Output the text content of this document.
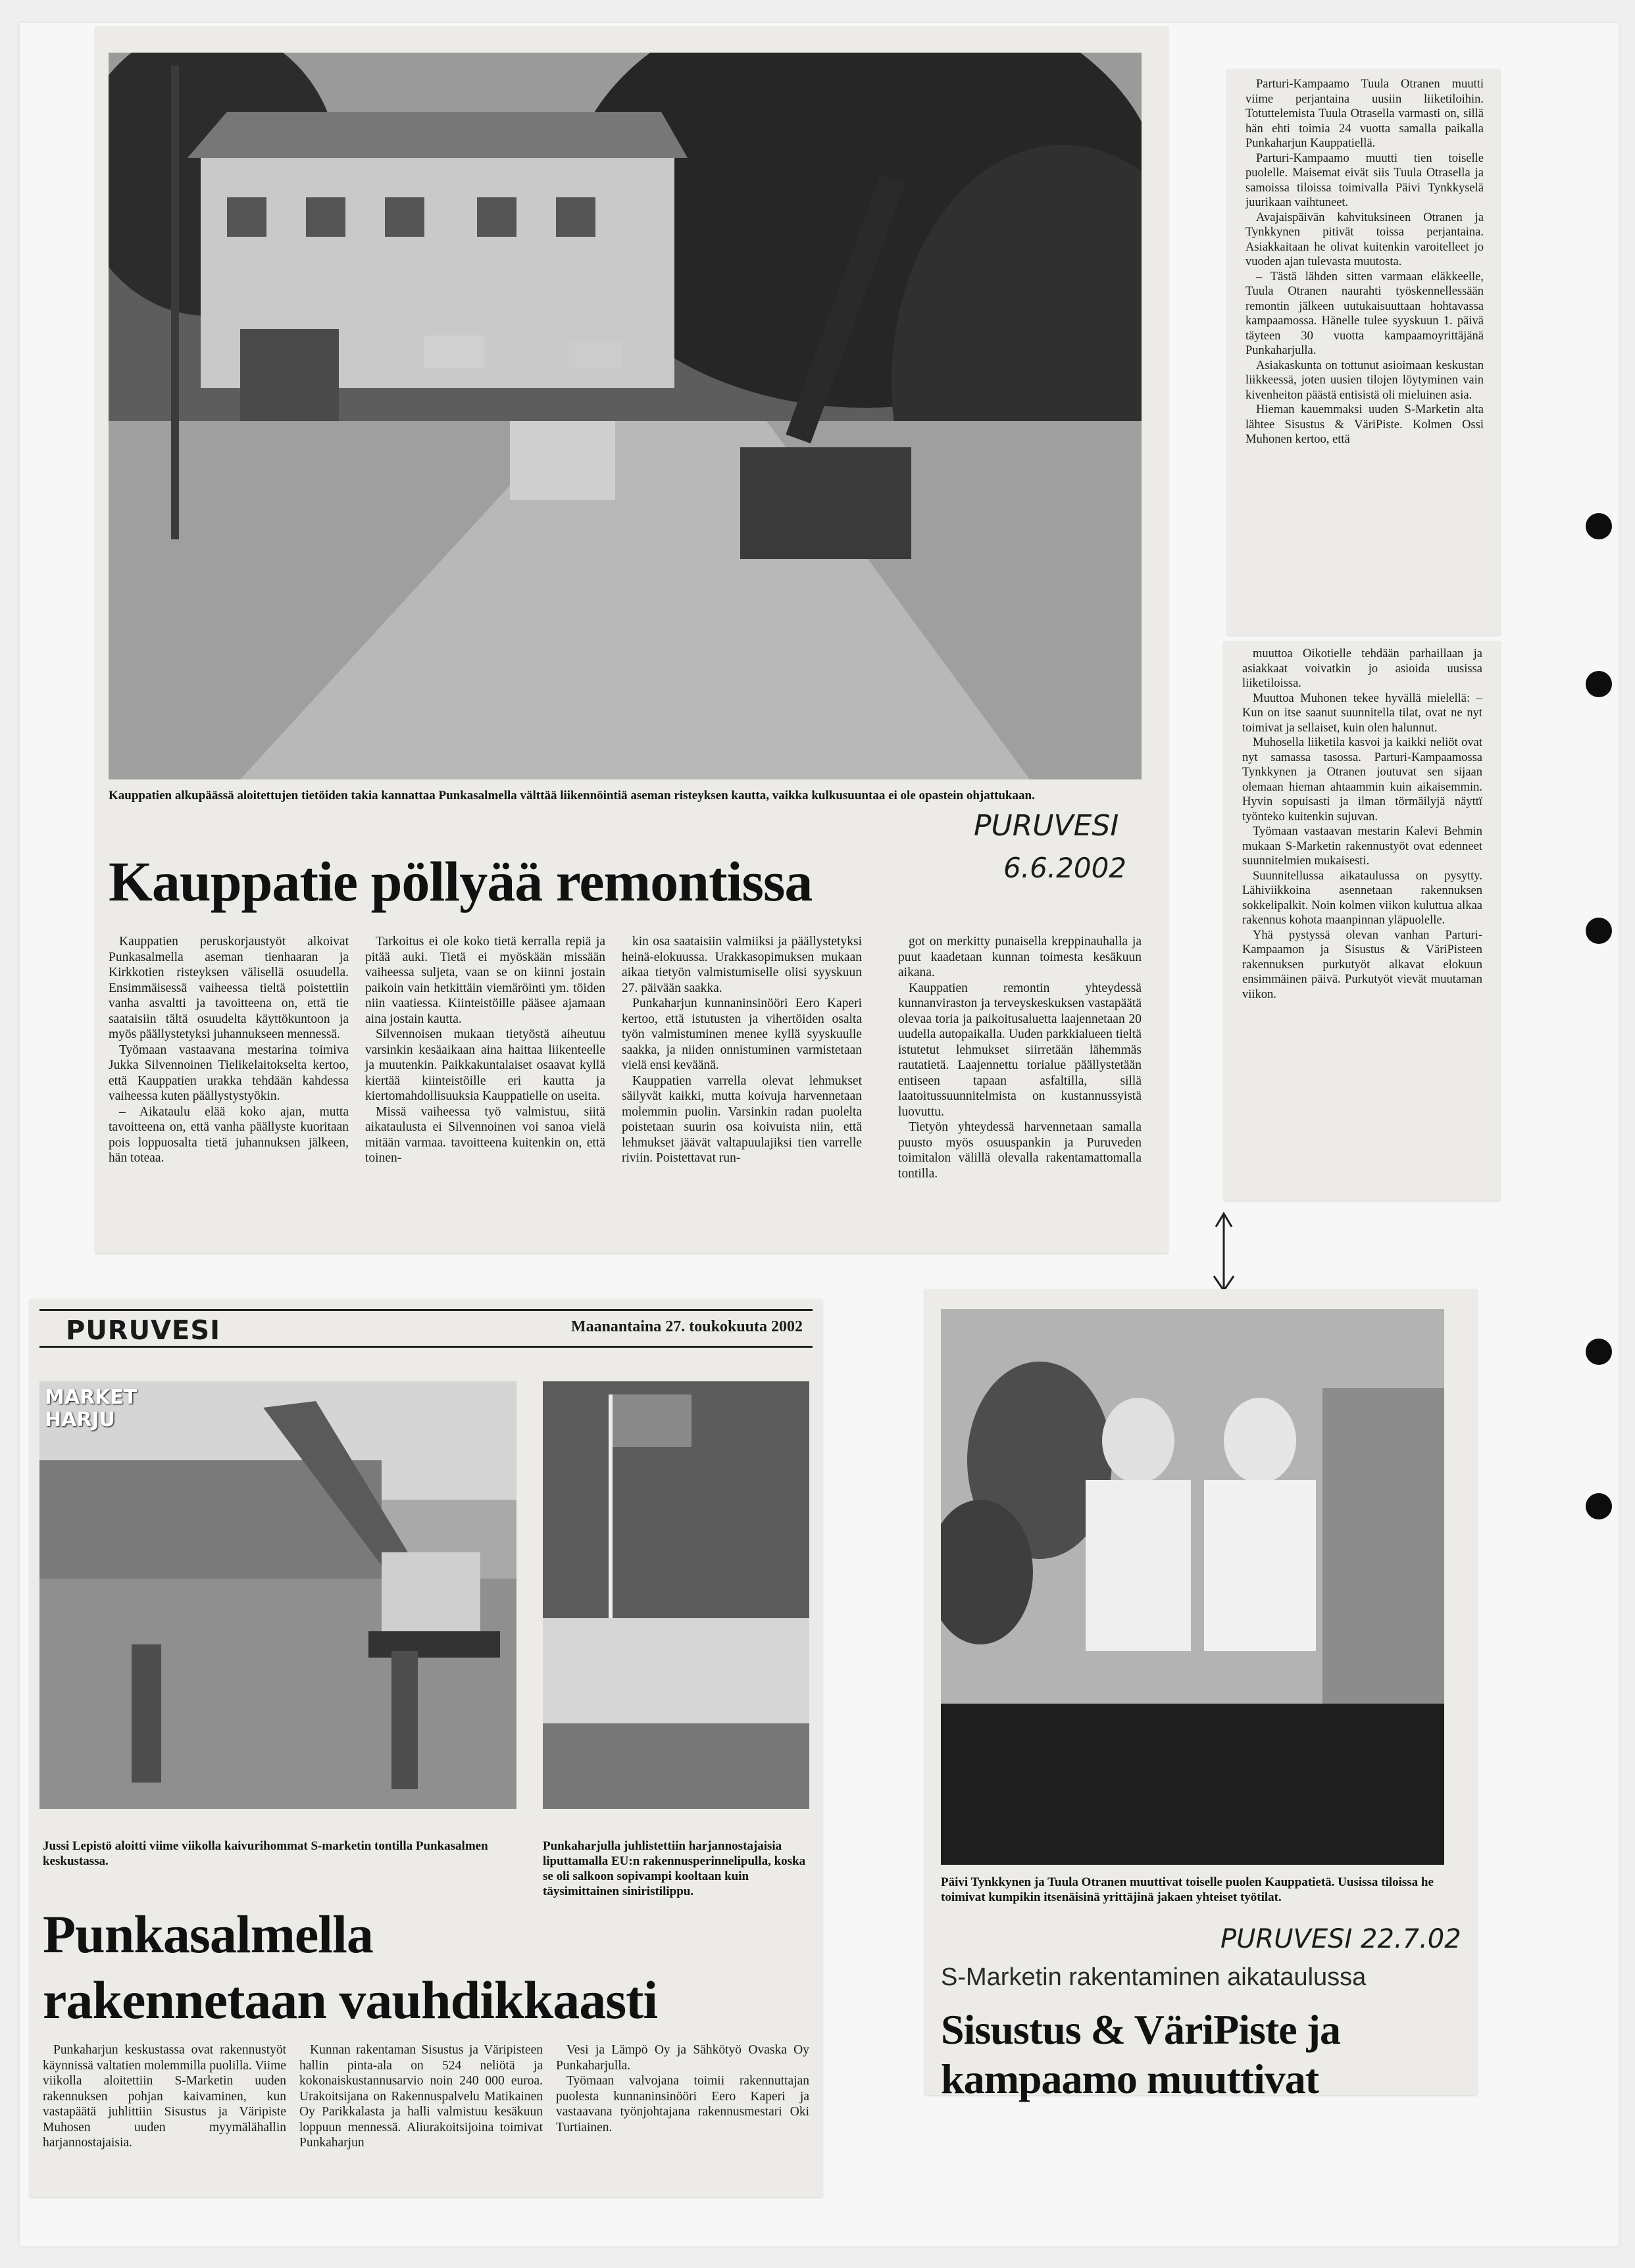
Kauppatien alkupäässä aloitettujen tietöiden takia kannattaa Punkasalmella välttää liikennöintiä aseman risteyksen kautta, vaikka kulkusuuntaa ei ole opastein ohjattukaan.
PURUVESI
6.6.2002
Kauppatie pöllyää remontissa

Kauppatien peruskorjaustyöt alkoivat Punkasalmella aseman tienhaaran ja Kirkkotien risteyksen välisellä osuudella. Ensimmäisessä vaiheessa tieltä poistettiin vanha asvaltti ja tavoitteena on, että tie saataisiin tältä osuudelta käyttökuntoon ja myös päällystetyksi juhannukseen mennessä.

Työmaan vastaavana mestarina toimiva Jukka Silvennoinen Tielikelaitokselta kertoo, että Kauppatien urakka tehdään kahdessa vaiheessa kuten päällystystyökin.

– Aikataulu elää koko ajan, mutta tavoitteena on, että vanha päällyste kuoritaan pois loppuosalta tietä juhannuksen jälkeen, hän toteaa.

Tarkoitus ei ole koko tietä kerralla repiä ja pitää auki. Tietä ei myöskään missään vaiheessa suljeta, vaan se on kiinni jostain paikoin vain hetkittäin viemäröinti ym. töiden niin vaatiessa. Kiinteistöille pääsee ajamaan aina jostain kautta.

Silvennoisen mukaan tietyöstä aiheutuu varsinkin kesäaikaan aina haittaa liikenteelle ja muutenkin. Paikkakuntalaiset osaavat kyllä kiertää kiinteistöille eri kautta ja kiertomahdollisuuksia Kauppatielle on useita.

Missä vaiheessa työ valmistuu, siitä aikataulusta ei Silvennoinen voi sanoa vielä mitään varmaa. tavoitteena kuitenkin on, että toinen-

kin osa saataisiin valmiiksi ja päällystetyksi heinä-elokuussa. Urakkasopimuksen mukaan aikaa tietyön valmistumiselle olisi syyskuun 27. päivään saakka.

Punkaharjun kunnaninsinööri Eero Kaperi kertoo, että istutusten ja vihertöiden osalta työn valmistuminen menee kyllä syyskuulle saakka, ja niiden onnistuminen varmistetaan vielä ensi keväänä.

Kauppatien varrella olevat lehmukset säilyvät kaikki, mutta koivuja harvennetaan molemmin puolin. Varsinkin radan puolelta poistetaan suurin osa koivuista niin, että lehmukset jäävät valtapuulajiksi tien varrelle riviin. Poistettavat run-

got on merkitty punaisella kreppinauhalla ja puut kaadetaan kunnan toimesta kesäkuun aikana.

Kauppatien remontin yhteydessä kunnanviraston ja terveyskeskuksen vastapäätä olevaa toria ja paikoitusaluetta laajennetaan 20 uudella autopaikalla. Uuden parkkialueen tieltä istutetut lehmukset siirretään lähemmäs rautatietä. Laajennettu torialue päällystetään entiseen tapaan asfaltilla, sillä laatoitussuunnitelmista on kustannussyistä luovuttu.

Tietyön yhteydessä harvennetaan samalla puusto myös osuuspankin ja Puruveden toimitalon välillä olevalla rakentamattomalla tontilla.

Parturi-Kampaamo Tuula Otranen muutti viime perjantaina uusiin liiketiloihin. Totuttelemista Tuula Otrasella varmasti on, sillä hän ehti toimia 24 vuotta samalla paikalla Punkaharjun Kauppatiellä.

Parturi-Kampaamo muutti tien toiselle puolelle. Maisemat eivät siis Tuula Otrasella ja samoissa tiloissa toimivalla Päivi Tynkkyselä juurikaan vaihtuneet.

Avajaispäivän kahvituksineen Otranen ja Tynkkynen pitivät toissa perjantaina. Asiakkaitaan he olivat kuitenkin varoitelleet jo vuoden ajan tulevasta muutosta.

– Tästä lähden sitten varmaan eläkkeelle, Tuula Otranen naurahti työskennellessään remontin jälkeen uutukaisuuttaan hohtavassa kampaamossa. Hänelle tulee syyskuun 1. päivä täyteen 30 vuotta kampaamoyrittäjänä Punkaharjulla.

Asiakaskunta on tottunut asioimaan keskustan liikkeessä, joten uusien tilojen löytyminen vain kivenheiton päästä entisistä oli mieluinen asia.

Hieman kauemmaksi uuden S-Marketin alta lähtee Sisustus & VäriPiste. Kolmen Ossi Muhonen kertoo, että

muuttoa Oikotielle tehdään parhaillaan ja asiakkaat voivatkin jo asioida uusissa liiketiloissa.

Muuttoa Muhonen tekee hyvällä mielellä: – Kun on itse saanut suunnitella tilat, ovat ne nyt toimivat ja sellaiset, kuin olen halunnut.

Muhosella liiketila kasvoi ja kaikki neliöt ovat nyt samassa tasossa. Parturi-Kampaamossa Tynkkynen ja Otranen joutuvat sen sijaan olemaan hieman ahtaammin kuin aikaisemmin. Hyvin sopuisasti ja ilman törmäilyjä näyttï työnteko kuitenkin sujuvan.

Työmaan vastaavan mestarin Kalevi Behmin mukaan S-Marketin rakennustyöt ovat edenneet suunnitelmien mukaisesti.

Suunnitellussa aikataulussa on pysytty. Lähiviikkoina asennetaan rakennuksen sokkelipalkit. Noin kolmen viikon kuluttua alkaa rakennus kohota maanpinnan yläpuolelle.

Yhä pystyssä olevan vanhan Parturi-Kampaamon ja Sisustus & VäriPisteen rakennuksen purkutyöt alkavat elokuun ensimmäinen päivä. Purkutyöt vievät muutaman viikon.

PURUVESI	Maanantaina 27. toukokuuta 2002
MARKET HARJU
Jussi Lepistö aloitti viime viikolla kaivurihommat S-marketin tontilla Punkasalmen keskustassa.
Punkaharjulla juhlistettiin harjannostajaisia liputtamalla EU:n rakennusperinnelipulla, koska se oli salkoon sopivampi kooltaan kuin täysimittainen siniristilippu.
Punkasalmella
rakennetaan vauhdikkaasti

Punkaharjun keskustassa ovat rakennustyöt käynnissä valtatien molemmilla puolilla. Viime viikolla aloitettiin S-Marketin uuden rakennuksen pohjan kaivaminen, kun vastapäätä juhlittiin Sisustus ja Väripiste Muhosen uuden myymälähallin harjannostajaisia.

Kunnan rakentaman Sisustus ja Väripisteen hallin pinta-ala on 524 neliötä ja kokonaiskustannusarvio noin 240 000 euroa. Urakoitsijana on Rakennuspalvelu Matikainen Oy Parikkalasta ja halli valmistuu kesäkuun loppuun mennessä. Aliurakoitsijoina toimivat Punkaharjun

Vesi ja Lämpö Oy ja Sähkötyö Ovaska Oy Punkaharjulla.

Työmaan valvojana toimii rakennuttajan puolesta kunnaninsinööri Eero Kaperi ja vastaavana työnjohtajana rakennusmestari Oki Turtiainen.

Päivi Tynkkynen ja Tuula Otranen muuttivat toiselle puolen Kauppatietä. Uusissa tiloissa he toimivat kumpikin itsenäisinä yrittäjinä jakaen yhteiset työtilat.
PURUVESI 22.7.02
S-Marketin rakentaminen aikataulussa
Sisustus & VäriPiste ja
kampaamo muuttivat
